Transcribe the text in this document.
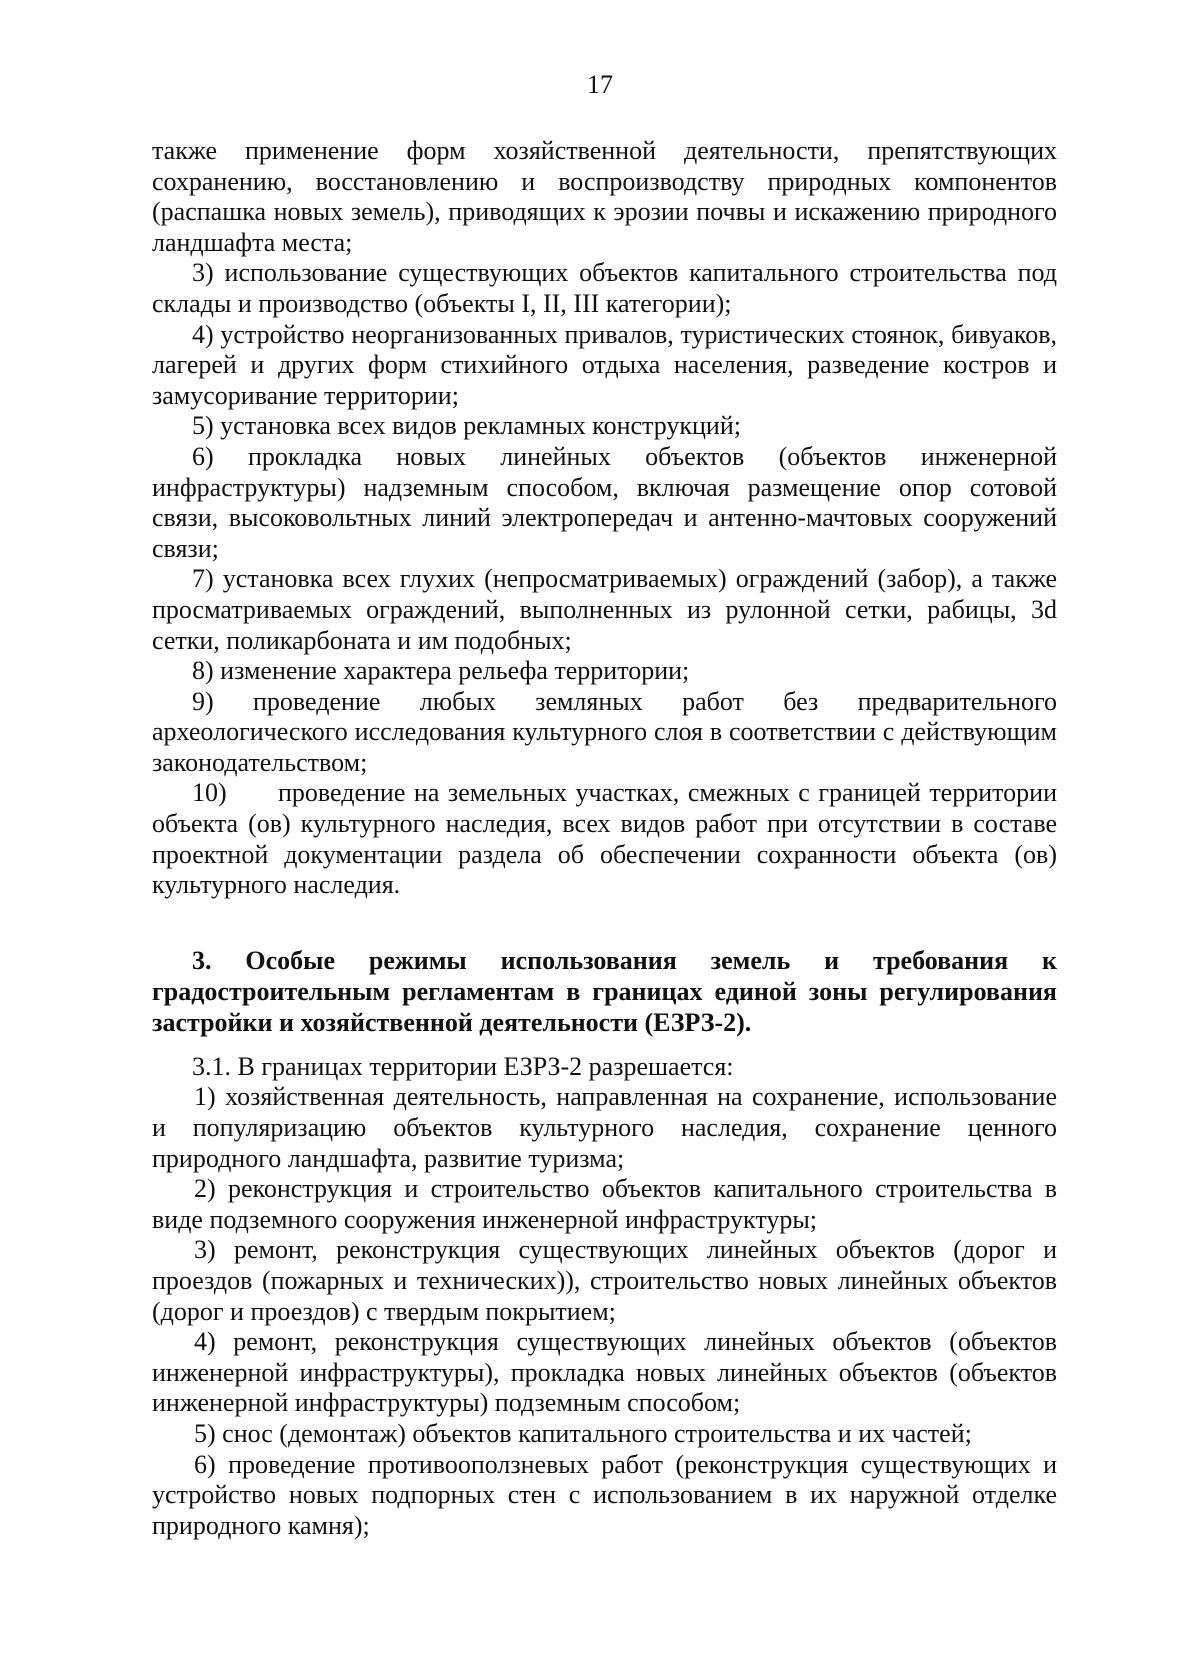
17

также применение форм хозяйственной деятельности, препятствующих сохранению, восстановлению и воспроизводству природных компонентов (распашка новых земель), приводящих к эрозии почвы и искажению природного ландшафта места;

3) использование существующих объектов капитального строительства под склады и производство (объекты I, II, III категории);

4) устройство неорганизованных привалов, туристических стоянок, бивуаков, лагерей и других форм стихийного отдыха населения, разведение костров и замусоривание территории;

5) установка всех видов рекламных конструкций;

6) прокладка новых линейных объектов (объектов инженерной инфраструктуры) надземным способом, включая размещение опор сотовой связи, высоковольтных линий электропередач и антенно-мачтовых сооружений связи;

7) установка всех глухих (непросматриваемых) ограждений (забор), а также просматриваемых ограждений, выполненных из рулонной сетки, рабицы, 3d сетки, поликарбоната и им подобных;

8) изменение характера рельефа территории;

9) проведение любых земляных работ без предварительного археологического исследования культурного слоя в соответствии с действующим законодательством;

10)      проведение на земельных участках, смежных с границей территории объекта (ов) культурного наследия, всех видов работ при отсутствии в составе проектной документации раздела об обеспечении сохранности объекта (ов) культурного наследия.

3.  Особые  режимы  использования  земель  и  требования  к градостроительным регламентам в границах единой зоны регулирования застройки и хозяйственной деятельности (ЕЗРЗ-2).

3.1. В границах территории ЕЗРЗ-2 разрешается:

1) хозяйственная деятельность, направленная на сохранение, использование и популяризацию объектов культурного наследия, сохранение ценного природного ландшафта, развитие туризма;

2) реконструкция и строительство объектов капитального строительства в виде подземного сооружения инженерной инфраструктуры;

3) ремонт, реконструкция существующих линейных объектов (дорог и проездов (пожарных и технических)), строительство новых линейных объектов (дорог и проездов) с твердым покрытием;

4) ремонт, реконструкция существующих линейных объектов (объектов инженерной инфраструктуры), прокладка новых линейных объектов (объектов инженерной инфраструктуры) подземным способом;

5) снос (демонтаж) объектов капитального строительства и их частей;

6) проведение противооползневых работ (реконструкция существующих и устройство новых подпорных стен с использованием в их наружной отделке природного камня);
